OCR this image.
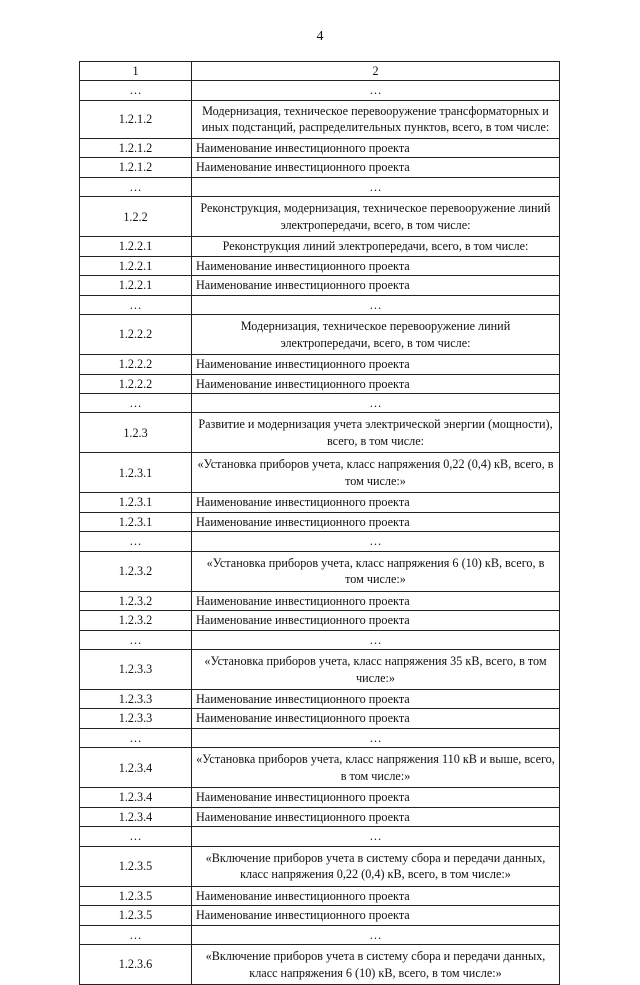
4
1	2
…	…
1.2.1.2	Модернизация, техническое перевооружение трансформаторных и иных подстанций, распределительных пунктов, всего, в том числе:
1.2.1.2	Наименование инвестиционного проекта
1.2.1.2	Наименование инвестиционного проекта
…	…
1.2.2	Реконструкция, модернизация, техническое перевооружение линий электропередачи, всего, в том числе:
1.2.2.1	Реконструкция линий электропередачи, всего, в том числе:
1.2.2.1	Наименование инвестиционного проекта
1.2.2.1	Наименование инвестиционного проекта
…	…
1.2.2.2	Модернизация, техническое перевооружение линий электропередачи, всего, в том числе:
1.2.2.2	Наименование инвестиционного проекта
1.2.2.2	Наименование инвестиционного проекта
…	…
1.2.3	Развитие и модернизация учета электрической энергии (мощности), всего, в том числе:
1.2.3.1	«Установка приборов учета, класс напряжения 0,22 (0,4) кВ, всего, в том числе:»
1.2.3.1	Наименование инвестиционного проекта
1.2.3.1	Наименование инвестиционного проекта
…	…
1.2.3.2	«Установка приборов учета, класс напряжения 6 (10) кВ, всего, в том числе:»
1.2.3.2	Наименование инвестиционного проекта
1.2.3.2	Наименование инвестиционного проекта
…	…
1.2.3.3	«Установка приборов учета, класс напряжения 35 кВ, всего, в том числе:»
1.2.3.3	Наименование инвестиционного проекта
1.2.3.3	Наименование инвестиционного проекта
…	…
1.2.3.4	«Установка приборов учета, класс напряжения 110 кВ и выше, всего, в том числе:»
1.2.3.4	Наименование инвестиционного проекта
1.2.3.4	Наименование инвестиционного проекта
…	…
1.2.3.5	«Включение приборов учета в систему сбора и передачи данных, класс напряжения 0,22 (0,4) кВ, всего, в том числе:»
1.2.3.5	Наименование инвестиционного проекта
1.2.3.5	Наименование инвестиционного проекта
…	…
1.2.3.6	«Включение приборов учета в систему сбора и передачи данных, класс напряжения 6 (10) кВ, всего, в том числе:»
